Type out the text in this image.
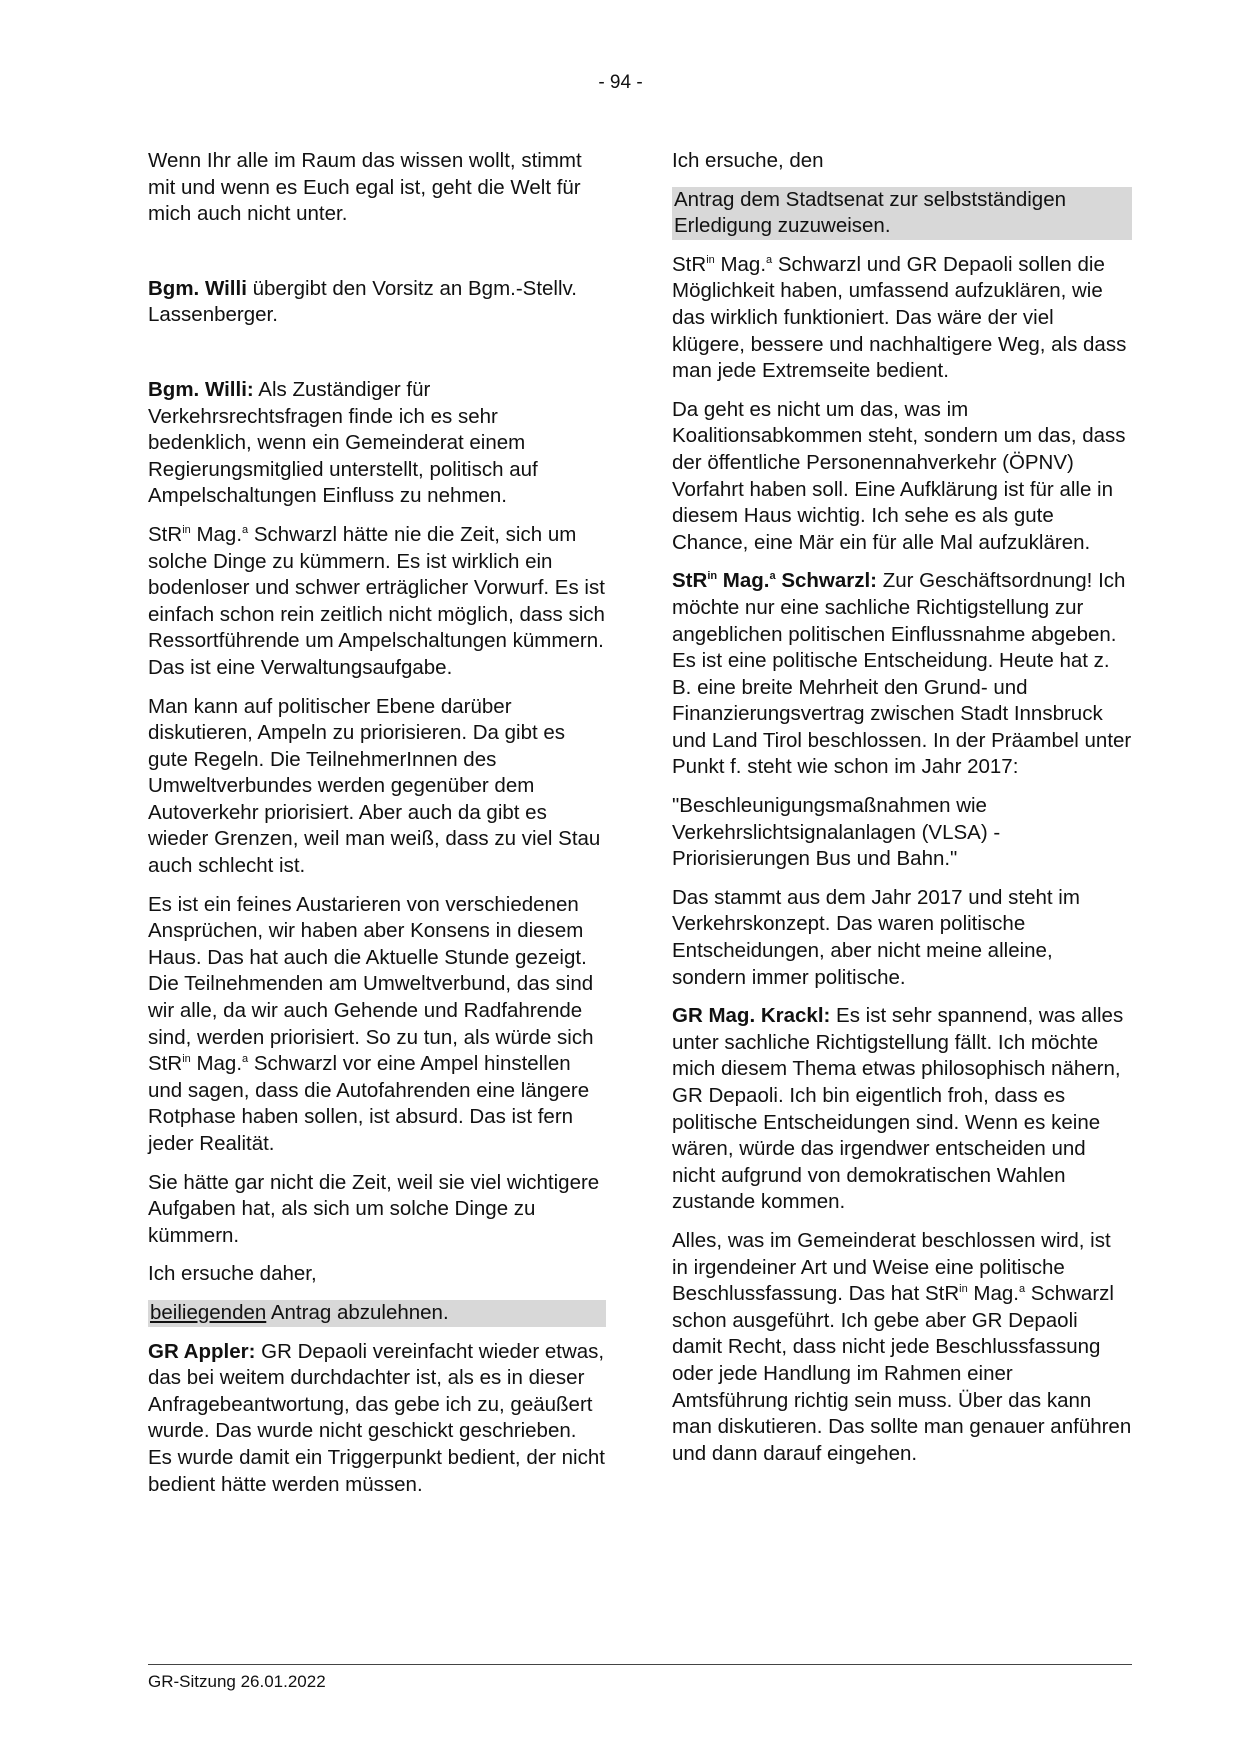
- 94 -

Wenn Ihr alle im Raum das wissen wollt, stimmt mit und wenn es Euch egal ist, geht die Welt für mich auch nicht unter.

Bgm. Willi übergibt den Vorsitz an Bgm.-Stellv. Lassenberger.

Bgm. Willi: Als Zuständiger für Verkehrsrechtsfragen finde ich es sehr bedenklich, wenn ein Gemeinderat einem Regierungsmitglied unterstellt, politisch auf Ampelschaltungen Einfluss zu nehmen.

StR$^{in}$ Mag.$^a$ Schwarzl hätte nie die Zeit, sich um solche Dinge zu kümmern. Es ist wirklich ein bodenloser und schwer erträglicher Vorwurf. Es ist einfach schon rein zeitlich nicht möglich, dass sich Ressortführende um Ampelschaltungen kümmern. Das ist eine Verwaltungsaufgabe.

Man kann auf politischer Ebene darüber diskutieren, Ampeln zu priorisieren. Da gibt es gute Regeln. Die TeilnehmerInnen des Umweltverbundes werden gegenüber dem Autoverkehr priorisiert. Aber auch da gibt es wieder Grenzen, weil man weiß, dass zu viel Stau auch schlecht ist.

Es ist ein feines Austarieren von verschiedenen Ansprüchen, wir haben aber Konsens in diesem Haus. Das hat auch die Aktuelle Stunde gezeigt. Die Teilnehmenden am Umweltverbund, das sind wir alle, da wir auch Gehende und Radfahrende sind, werden priorisiert. So zu tun, als würde sich StR$^{in}$ Mag.$^a$ Schwarzl vor eine Ampel hinstellen und sagen, dass die Autofahrenden eine längere Rotphase haben sollen, ist absurd. Das ist fern jeder Realität.

Sie hätte gar nicht die Zeit, weil sie viel wichtigere Aufgaben hat, als sich um solche Dinge zu kümmern.

Ich ersuche daher,

beiliegenden Antrag abzulehnen.

GR Appler: GR Depaoli vereinfacht wieder etwas, das bei weitem durchdachter ist, als es in dieser Anfragebeantwortung, das gebe ich zu, geäußert wurde. Das wurde nicht geschickt geschrieben. Es wurde damit ein Triggerpunkt bedient, der nicht bedient hätte werden müssen.

Ich ersuche, den

Antrag dem Stadtsenat zur selbstständigen Erledigung zuzuweisen.

StR$^{in}$ Mag.$^a$ Schwarzl und GR Depaoli sollen die Möglichkeit haben, umfassend aufzuklären, wie das wirklich funktioniert. Das wäre der viel klügere, bessere und nachhaltigere Weg, als dass man jede Extremseite bedient.

Da geht es nicht um das, was im Koalitionsabkommen steht, sondern um das, dass der öffentliche Personennahverkehr (ÖPNV) Vorfahrt haben soll. Eine Aufklärung ist für alle in diesem Haus wichtig. Ich sehe es als gute Chance, eine Mär ein für alle Mal aufzuklären.

StR$^{in}$ Mag.$^a$ Schwarzl: Zur Geschäftsordnung! Ich möchte nur eine sachliche Richtigstellung zur angeblichen politischen Einflussnahme abgeben. Es ist eine politische Entscheidung. Heute hat z. B. eine breite Mehrheit den Grund- und Finanzierungsvertrag zwischen Stadt Innsbruck und Land Tirol beschlossen. In der Präambel unter Punkt f. steht wie schon im Jahr 2017:

"Beschleunigungsmaßnahmen wie Verkehrslichtsignalanlagen (VLSA) -Priorisierungen Bus und Bahn."

Das stammt aus dem Jahr 2017 und steht im Verkehrskonzept. Das waren politische Entscheidungen, aber nicht meine alleine, sondern immer politische.

GR Mag. Krackl: Es ist sehr spannend, was alles unter sachliche Richtigstellung fällt. Ich möchte mich diesem Thema etwas philosophisch nähern, GR Depaoli. Ich bin eigentlich froh, dass es politische Entscheidungen sind. Wenn es keine wären, würde das irgendwer entscheiden und nicht aufgrund von demokratischen Wahlen zustande kommen.

Alles, was im Gemeinderat beschlossen wird, ist in irgendeiner Art und Weise eine politische Beschlussfassung. Das hat StR$^{in}$ Mag.$^a$ Schwarzl schon ausgeführt. Ich gebe aber GR Depaoli damit Recht, dass nicht jede Beschlussfassung oder jede Handlung im Rahmen einer Amtsführung richtig sein muss. Über das kann man diskutieren. Das sollte man genauer anführen und dann darauf eingehen.

GR-Sitzung 26.01.2022
